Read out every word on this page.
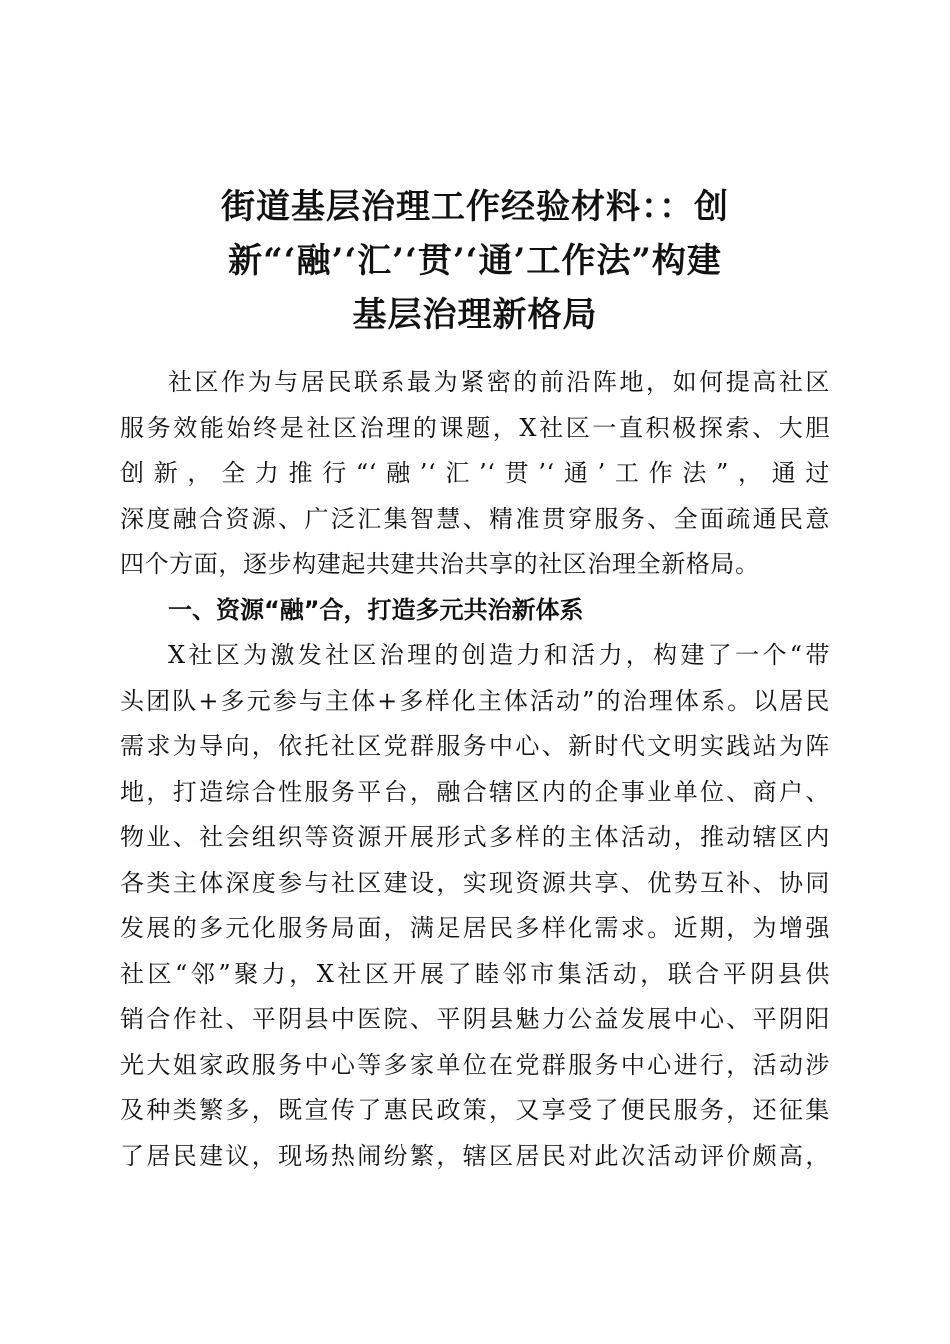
街道基层治理工作经验材料：：创
新“‘融’‘汇’‘贯’‘通’工作法”构建
基层治理新格局

社区作为与居民联系最为紧密的前沿阵地，如何提高社区
服务效能始终是社区治理的课题，X社区一直积极探索、大胆
创新，全力推行“‘融’‘汇’‘贯’‘通’工作法”，通过
深度融合资源、广泛汇集智慧、精准贯穿服务、全面疏通民意
四个方面，逐步构建起共建共治共享的社区治理全新格局。

一、资源“融”合，打造多元共治新体系

X社区为激发社区治理的创造力和活力，构建了一个“带
头团队+多元参与主体+多样化主体活动”的治理体系。以居民
需求为导向，依托社区党群服务中心、新时代文明实践站为阵
地，打造综合性服务平台，融合辖区内的企事业单位、商户、
物业、社会组织等资源开展形式多样的主体活动，推动辖区内
各类主体深度参与社区建设，实现资源共享、优势互补、协同
发展的多元化服务局面，满足居民多样化需求。近期，为增强
社区“邻”聚力，X社区开展了睦邻市集活动，联合平阴县供
销合作社、平阴县中医院、平阴县魅力公益发展中心、平阴阳
光大姐家政服务中心等多家单位在党群服务中心进行，活动涉
及种类繁多，既宣传了惠民政策，又享受了便民服务，还征集
了居民建议，现场热闹纷繁，辖区居民对此次活动评价颇高，
